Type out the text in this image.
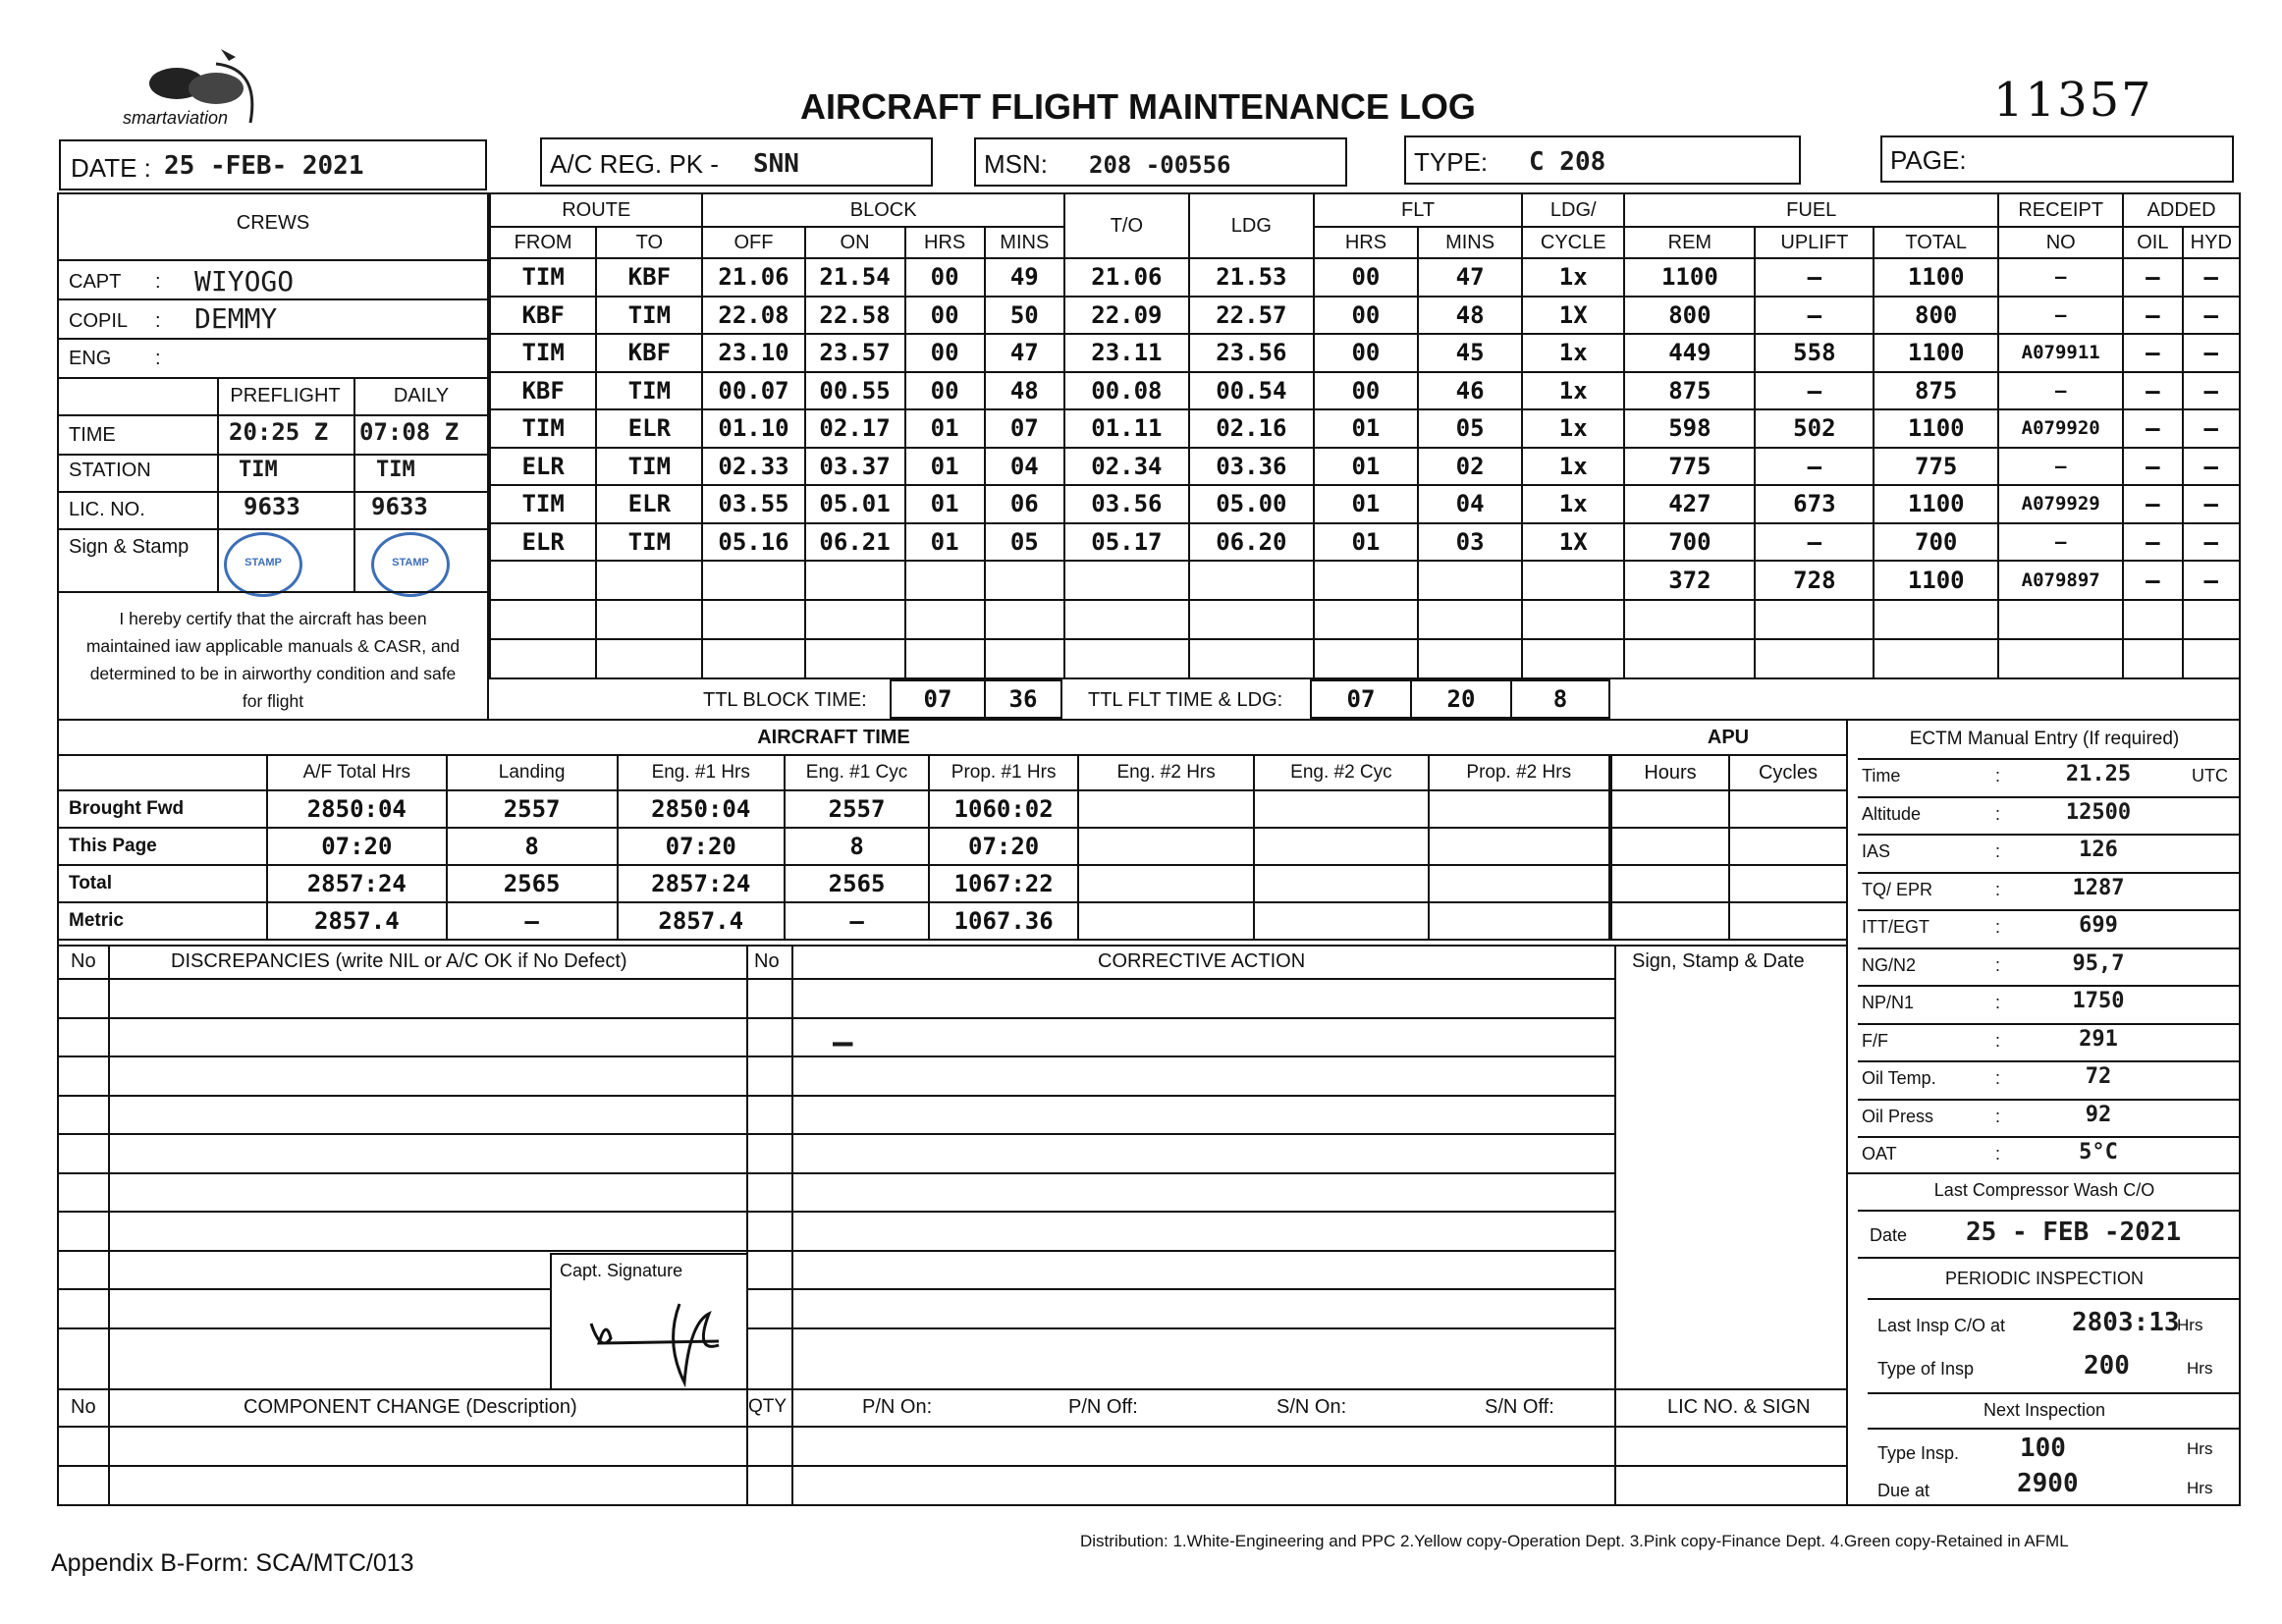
smartaviation	AIRCRAFT FLIGHT MAINTENANCE LOG	11357
DATE : 25 -FEB- 2021	A/C REG. PK - SNN	MSN: 208 -00556	TYPE: C 208	PAGE:
CREWS
CAPT : WIYOGO
COPIL : DEMMY
ENG :
PREFLIGHT	DAILY
TIME	20:25 Z 07:08 Z
STATION	TIM	TIM
LIC. NO.	9633	9633
Sign & Stamp
STAMP	STAMP
I hereby certify that the aircraft has been
maintained iaw applicable manuals & CASR, and
determined to be in airworthy condition and safe
for flight
ROUTE		BLOCK				T/O	LDG	FLT		LDG/	FUEL			RECEIPT	ADDED	
FROM	TO	OFF	ON	HRS	MINS			HRS	MINS	CYCLE	REM	UPLIFT	TOTAL	NO	OIL	HYD
TIM	KBF	21.06	21.54	00	49	21.06	21.53	00	47	1x	1100	—	1100	—	—	—
KBF	TIM	22.08	22.58	00	50	22.09	22.57	00	48	1X	800	—	800	—	—	—
TIM	KBF	23.10	23.57	00	47	23.11	23.56	00	45	1x	449	558	1100	A079911	—	—
KBF	TIM	00.07	00.55	00	48	00.08	00.54	00	46	1x	875	—	875	—	—	—
TIM	ELR	01.10	02.17	01	07	01.11	02.16	01	05	1x	598	502	1100	A079920	—	—
ELR	TIM	02.33	03.37	01	04	02.34	03.36	01	02	1x	775	—	775	—	—	—
TIM	ELR	03.55	05.01	01	06	03.56	05.00	01	04	1x	427	673	1100	A079929	—	—
ELR	TIM	05.16	06.21	01	05	05.17	06.20	01	03	1X	700	—	700	—	—	—
											372	728	1100	A079897	—	—

TTL BLOCK TIME:	07	36	TTL FLT TIME & LDG:	07	20	8
AIRCRAFT TIME
	A/F Total Hrs	Landing	Eng. #1 Hrs	Eng. #1 Cyc	Prop. #1 Hrs	Eng. #2 Hrs	Eng. #2 Cyc	Prop. #2 Hrs
Brought Fwd	2850:04	2557	2850:04	2557	1060:02			
This Page	07:20	8	07:20	8	07:20			
Total	2857:24	2565	2857:24	2565	1067:22			
Metric	2857.4	—	2857.4	—	1067.36			
APU
Hours	Cycles

ECTM Manual Entry (If required)
Time	:	21.25	UTC
Altitude	:	12500
IAS	:	126
TQ/ EPR	:	1287
ITT/EGT	:	699
NG/N2	:	95,7
NP/N1	:	1750
F/F	:	291
Oil Temp.	:	72
Oil Press	:	92
OAT	:	5°C
Last Compressor Wash C/O
Date 25 - FEB -2021
PERIODIC INSPECTION
Last Insp C/O at	2803:13
Hrs
Type of Insp	200	Hrs
Next Inspection
Type Insp. 100	Hrs
Due at	2900	Hrs
No	DISCREPANCIES (write NIL or A/C OK if No Defect)	No	CORRECTIVE ACTION	Sign, Stamp & Date
—
Capt. Signature
No	COMPONENT CHANGE (Description)	QTY	P/N On:	P/N Off:	S/N On:	S/N Off:	LIC NO. & SIGN
Appendix B-Form: SCA/MTC/013
Distribution: 1.White-Engineering and PPC 2.Yellow copy-Operation Dept. 3.Pink copy-Finance Dept. 4.Green copy-Retained in AFML
